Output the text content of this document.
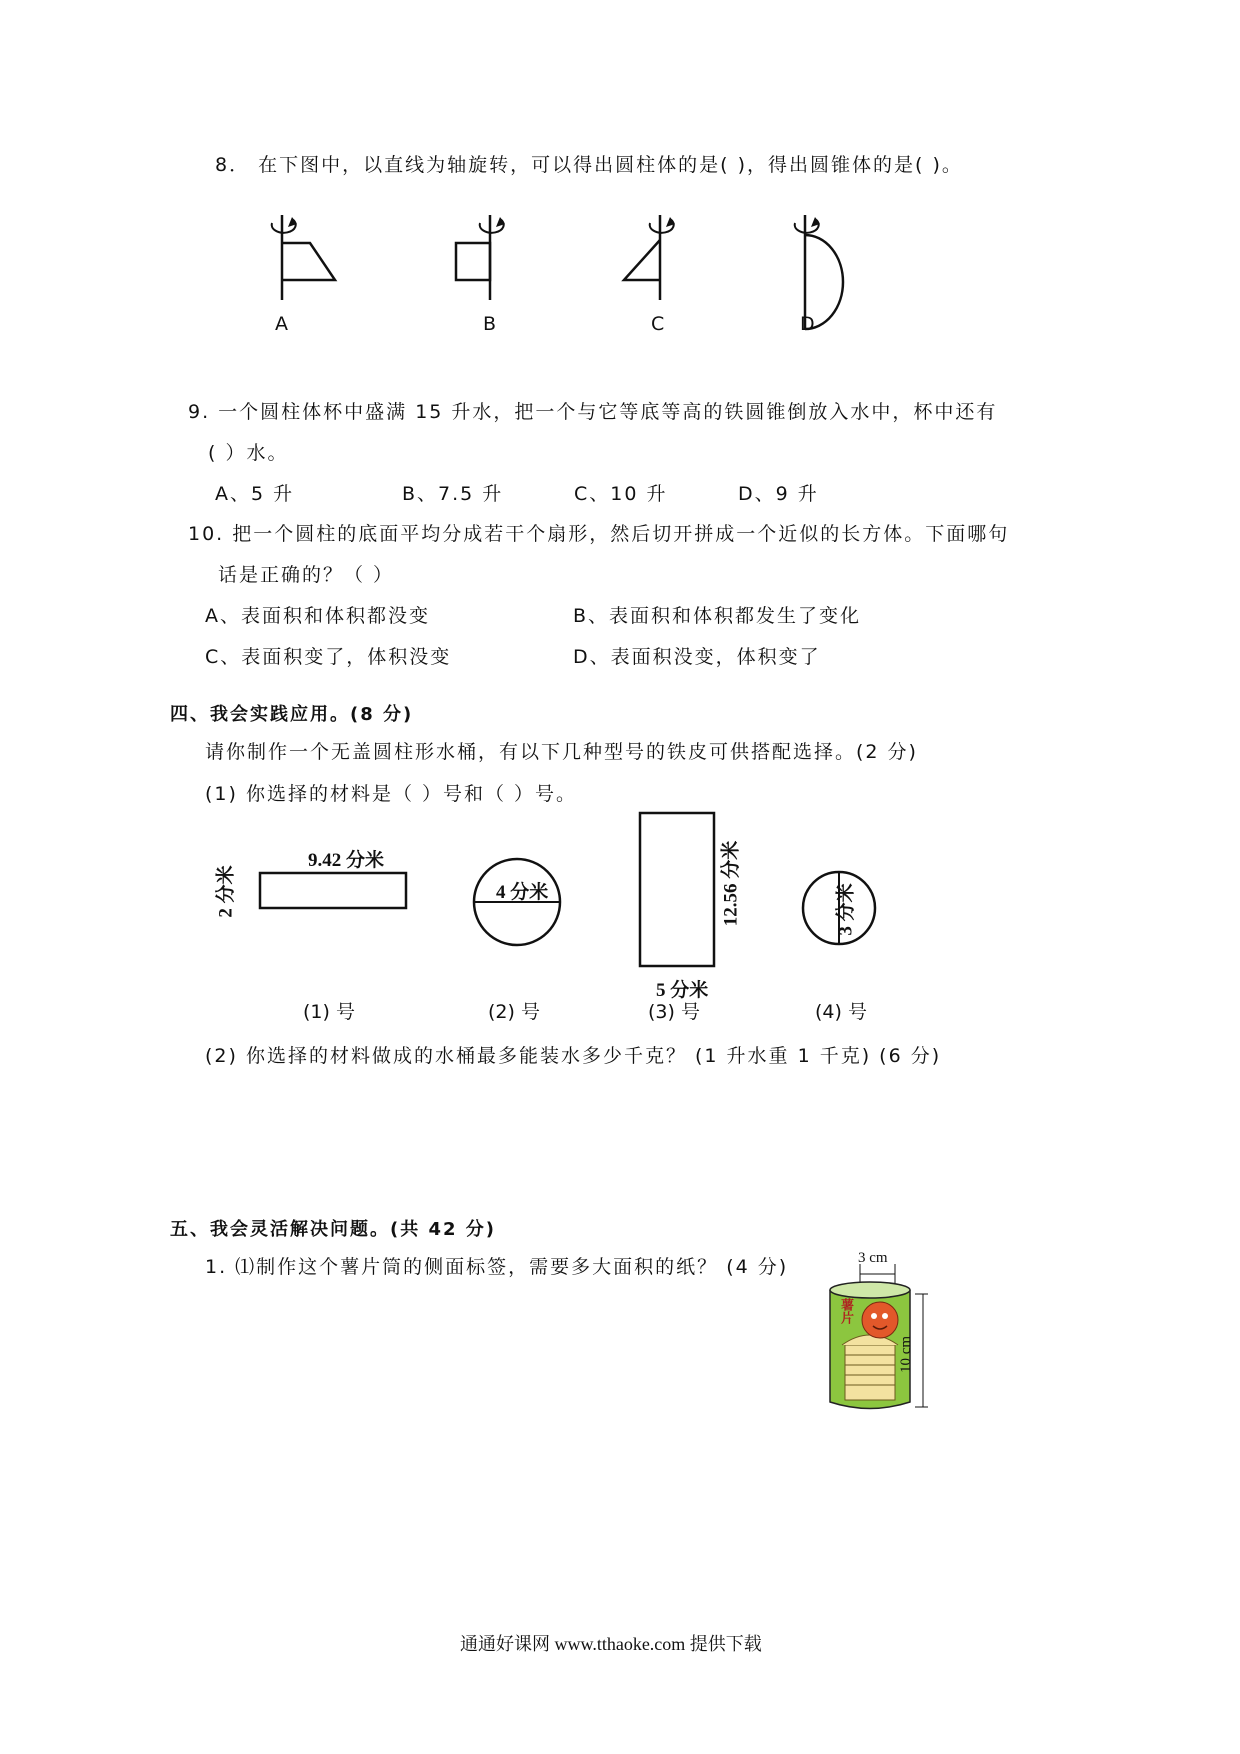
8． 在下图中，以直线为轴旋转，可以得出圆柱体的是( )，得出圆锥体的是( )。
A	B	C	D
9. 一个圆柱体杯中盛满 15 升水，把一个与它等底等高的铁圆锥倒放入水中，杯中还有
( ）水。
A、5 升	B、7.5 升	C、10 升	D、9 升
10. 把一个圆柱的底面平均分成若干个扇形，然后切开拼成一个近似的长方体。下面哪句
话是正确的？（ ）
A、表面积和体积都没变	B、表面积和体积都发生了变化
C、表面积变了，体积没变	D、表面积没变，体积变了
四、我会实践应用。(8 分)
请你制作一个无盖圆柱形水桶，有以下几种型号的铁皮可供搭配选择。(2 分)
(1) 你选择的材料是（ ）号和（ ）号。
9.42 分米
2 分米
(1) 号
4 分米
(2) 号
12.56 分米
5 分米
(3) 号
3 分米
(4) 号
(2) 你选择的材料做成的水桶最多能装水多少千克？ (1 升水重 1 千克) (6 分)
五、我会灵活解决问题。(共 42 分)
1. ⑴制作这个薯片筒的侧面标签，需要多大面积的纸？ (4 分)	3 cm
10 cm
薯片
通通好课网 www.tthaoke.com 提供下载
